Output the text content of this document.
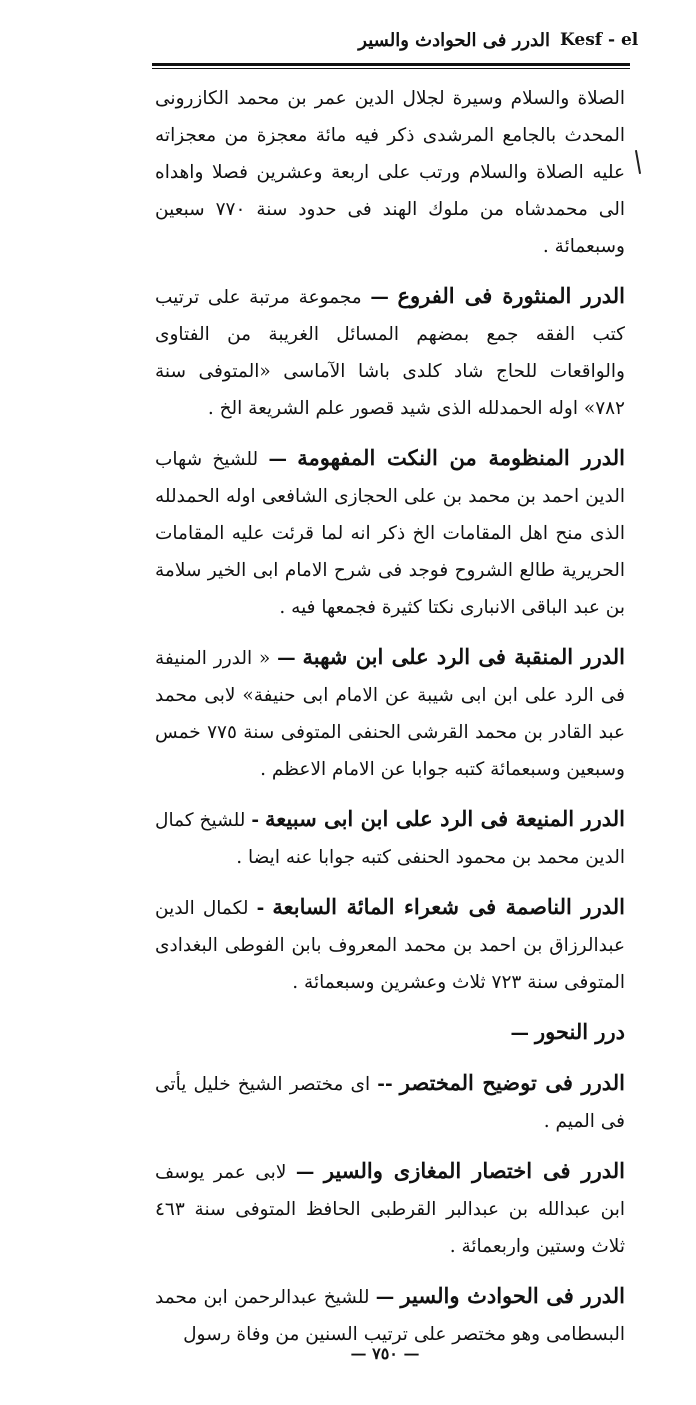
Kesf - el
الدرر فى الحوادث والسير

الصلاة والسلام وسيرة لجلال الدين عمر بن محمد الكازرونى المحدث بالجامع المرشدى ذكر فيه مائة معجزة من معجزاته عليه الصلاة والسلام ورتب على اربعة وعشرين فصلا واهداه الى محمدشاه من ملوك الهند فى حدود سنة ٧٧٠ سبعين وسبعمائة .

الدرر المنثورة فى الفروع — مجموعة مرتبة على ترتيب كتب الفقه جمع بمضهم المسائل الغريبة من الفتاوى والواقعات للحاج شاد كلدى باشا الآماسى «المتوفى سنة ٧٨٢» اوله الحمدلله الذى شيد قصور علم الشريعة الخ .

الدرر المنظومة من النكت المفهومة — للشيخ شهاب الدين احمد بن محمد بن على الحجازى الشافعى اوله الحمدلله الذى منح اهل المقامات الخ ذكر انه لما قرئت عليه المقامات الحريرية طالع الشروح فوجد فى شرح الامام ابى الخير سلامة بن عبد الباقى الانبارى نكتا كثيرة فجمعها فيه .

الدرر المنقبة فى الرد على ابن شهبة — « الدرر المنيفة فى الرد على ابن ابى شيبة عن الامام ابى حنيفة» لابى محمد عبد القادر بن محمد القرشى الحنفى المتوفى سنة ٧٧٥ خمس وسبعين وسبعمائة كتبه جوابا عن الامام الاعظم .

الدرر المنيعة فى الرد على ابن ابى سبيعة - للشيخ كمال الدين محمد بن محمود الحنفى كتبه جوابا عنه ايضا .

الدرر الناصمة فى شعراء المائة السابعة - لكمال الدين عبدالرزاق بن احمد بن محمد المعروف بابن الفوطى البغدادى المتوفى سنة ٧٢٣ ثلاث وعشرين وسبعمائة .

درر النحور —

الدرر فى توضيح المختصر -- اى مختصر الشيخ خليل يأتى فى الميم .

الدرر فى اختصار المغازى والسير — لابى عمر يوسف ابن عبدالله بن عبدالبر القرطبى الحافظ المتوفى سنة ٤٦٣ ثلاث وستين واربعمائة .

الدرر فى الحوادث والسير — للشيخ عبدالرحمن ابن محمد البسطامى وهو مختصر على ترتيب السنين من وفاة رسول

— ٧٥٠ —
